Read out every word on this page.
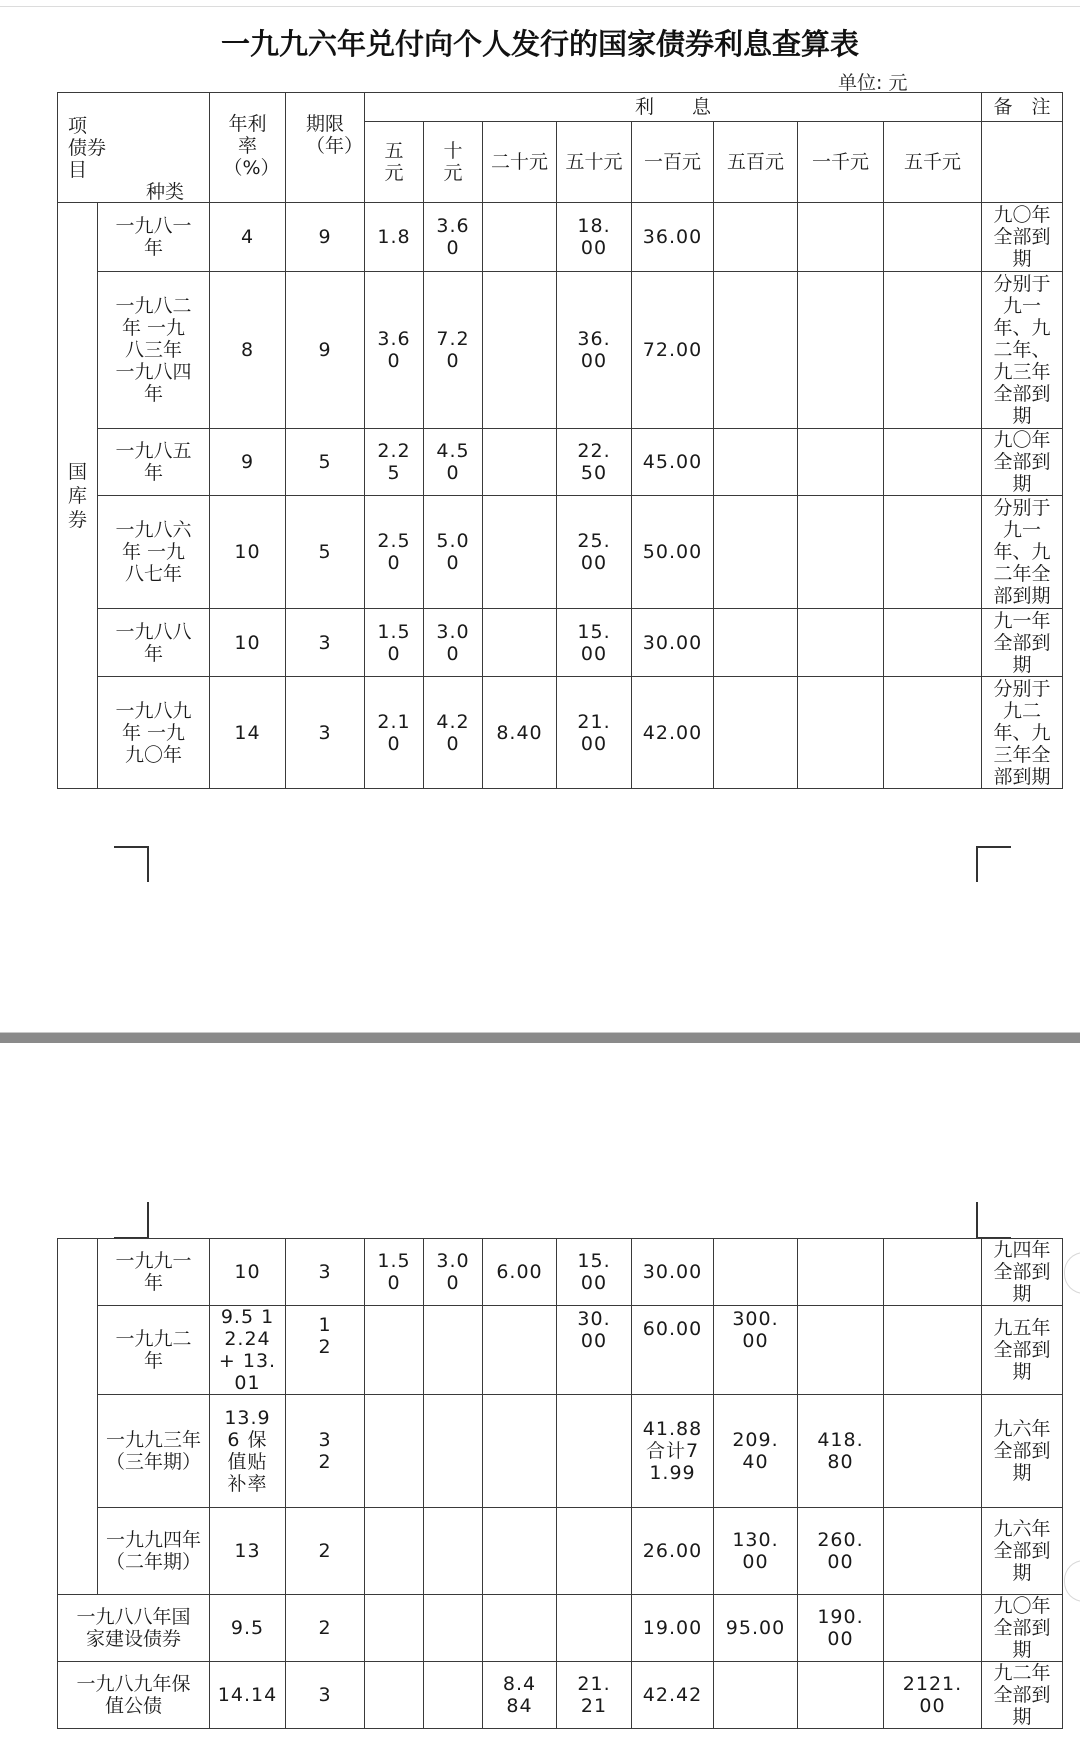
一九九六年兑付向个人发行的国家债券利息查算表
单位: 元
项
债券
目
种类		年利率（%）	期限（年）	利　　息								备　注

				五元	十元	二十元	五十元	一百元	五百元	一千元	五千元	

国库券	一九八一年	4	9	1.8	3.60		18.00	36.00				九〇年全部到期

	一九八二年 一九八三年 一九八四年	8	9	3.60	7.20		36.00	72.00				分别于九一年、九二年、九三年全部到期

	一九八五年	9	5	2.25	4.50		22.50	45.00				九〇年全部到期

	一九八六年 一九八七年	10	5	2.50	5.00		25.00	50.00				分别于九一年、九二年全部到期

	一九八八年	10	3	1.50	3.00		15.00	30.00				九一年全部到期

	一九八九年 一九九〇年	14	3	2.10	4.20	8.40	21.00	42.00				分别于九二年、九三年全部到期

	一九九一年	10	3	1.50	3.00	6.00	15.00	30.00				九四年全部到期

	一九九二年	9.5 12.24 + 13.01	1 2				30.00	60.00	300.00			九五年全部到期

	一九九三年（三年期）	13.96 保值贴补率	3 2					41.88 合计71.99	209.40	418.80		九六年全部到期

	一九九四年（二年期）	13	2					26.00	130.00	260.00		九六年全部到期

一九八八年国家建设债券		9.5	2					19.00	95.00	190.00		九〇年全部到期

一九八九年保值公债		14.14	3			8.484	21.21	42.42			2121.00	九二年全部到期
